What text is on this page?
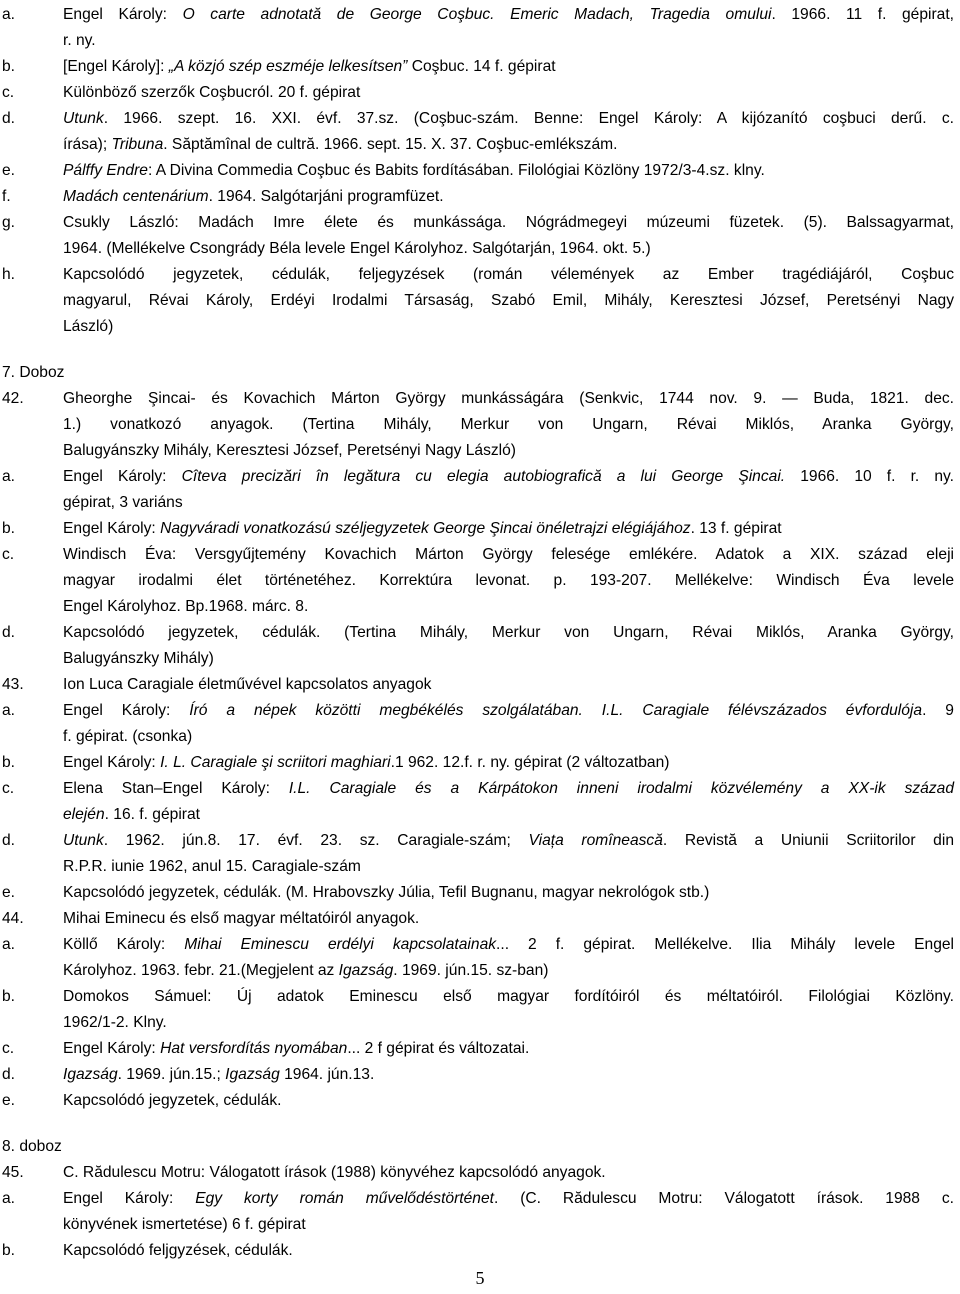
a.	Engel Károly: O carte adnotată de George Coşbuc. Emeric Madach, Tragedia omului. 1966. 11 f. gépirat,
r. ny.
b.	[Engel Károly]: „A közjó szép eszméje lelkesítsen” Coşbuc. 14 f. gépirat
c.	Különböző szerzők Coşbucról. 20 f. gépirat
d.	Utunk. 1966. szept. 16. XXI. évf. 37.sz. (Coşbuc-szám. Benne: Engel Károly: A kijózanító coşbuci derű. c.
írása); Tribuna. Săptămînal de cultră. 1966. sept. 15. X. 37. Coşbuc-emlékszám.
e.	Pálffy Endre: A Divina Commedia Coşbuc és Babits fordításában. Filológiai Közlöny 1972/3-4.sz. klny.
f.	Madách centenárium. 1964. Salgótarjáni programfüzet.
g.	Csukly László: Madách Imre élete és munkássága. Nógrádmegeyi múzeumi füzetek. (5). Balssagyarmat,
1964. (Mellékelve Csongrády Béla levele Engel Károlyhoz. Salgótarján, 1964. okt. 5.)
h.	Kapcsolódó jegyzetek, cédulák, feljegyzések (román vélemények az Ember tragédiájáról, Coşbuc
magyarul, Révai Károly, Erdéyi Irodalmi Társaság, Szabó Emil, Mihály, Keresztesi József, Peretsényi Nagy
László)
7. Doboz
42.	Gheorghe Şincai- és Kovachich Márton György munkásságára (Senkvic, 1744 nov. 9. — Buda, 1821. dec.
1.) vonatkozó anyagok. (Tertina Mihály, Merkur von Ungarn, Révai Miklós, Aranka György,
Balugyánszky Mihály, Keresztesi József, Peretsényi Nagy László)
a.	Engel Károly: Cîteva precizări în legătura cu elegia autobiografică a lui George Şincai. 1966. 10 f. r. ny.
gépirat, 3 variáns
b.	Engel Károly: Nagyváradi vonatkozású széljegyzetek George Şincai önéletrajzi elégiájához. 13 f. gépirat
c.	Windisch Éva: Versgyűjtemény Kovachich Márton György felesége emlékére. Adatok a XIX. század eleji
magyar irodalmi élet történetéhez. Korrektúra levonat. p. 193-207. Mellékelve: Windisch Éva levele
Engel Károlyhoz. Bp.1968. márc. 8.
d.	Kapcsolódó jegyzetek, cédulák. (Tertina Mihály, Merkur von Ungarn, Révai Miklós, Aranka György,
Balugyánszky Mihály)
43.	Ion Luca Caragiale életművével kapcsolatos anyagok
a.	Engel Károly: Író a népek közötti megbékélés szolgálatában. I.L. Caragiale félévszázados évfordulója. 9
f. gépirat. (csonka)
b.	Engel Károly: I. L. Caragiale şi scriitori maghiari.1 962. 12.f. r. ny. gépirat (2 változatban)
c.	Elena Stan–Engel Károly: I.L. Caragiale és a Kárpátokon inneni irodalmi közvélemény a XX-ik század
elején. 16. f. gépirat
d.	Utunk. 1962. jún.8. 17. évf. 23. sz. Caragiale-szám; Viața romînească. Revistă a Uniunii Scriitorilor din
R.P.R. iunie 1962, anul 15. Caragiale-szám
e.	Kapcsolódó jegyzetek, cédulák. (M. Hrabovszky Júlia, Tefil Bugnanu, magyar nekrológok stb.)
44.	Mihai Eminecu és első magyar méltatóiról anyagok.
a.	Köllő Károly: Mihai Eminescu erdélyi kapcsolatainak... 2 f. gépirat. Mellékelve. Ilia Mihály levele Engel
Károlyhoz. 1963. febr. 21.(Megjelent az Igazság. 1969. jún.15. sz-ban)
b.	Domokos Sámuel: Új adatok Eminescu első magyar fordítóiról és méltatóiról. Filológiai Közlöny.
1962/1-2. Klny.
c.	Engel Károly: Hat versfordítás nyomában... 2 f gépirat és változatai.
d.	Igazság. 1969. jún.15.; Igazság 1964. jún.13.
e.	Kapcsolódó jegyzetek, cédulák.
8. doboz
45.	C. Rădulescu Motru: Válogatott írások (1988) könyvéhez kapcsolódó anyagok.
a.	Engel Károly: Egy korty román művelődéstörténet. (C. Rădulescu Motru: Válogatott írások. 1988 c.
könyvének ismertetése) 6 f. gépirat
b.	Kapcsolódó feljgyzések, cédulák.
5
